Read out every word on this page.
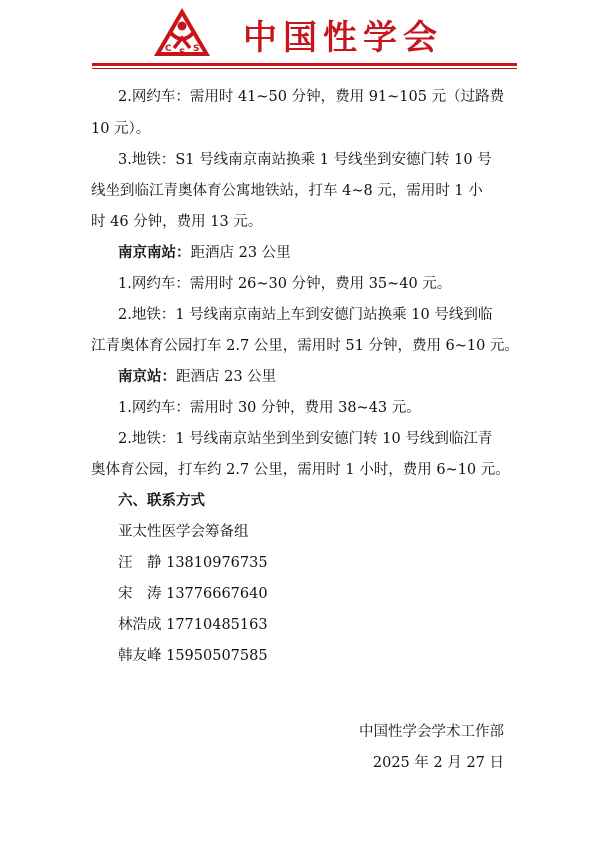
C S S 中国性学会
2.网约车：需用时 41~50 分钟，费用 91~105 元（过路费
10 元）。
3.地铁：S1 号线南京南站换乘 1 号线坐到安德门转 10 号
线坐到临江青奥体育公寓地铁站，打车 4~8 元，需用时 1 小
时 46 分钟，费用 13 元。
南京南站：距酒店 23 公里
1.网约车：需用时 26~30 分钟，费用 35~40 元。
2.地铁：1 号线南京南站上车到安德门站换乘 10 号线到临
江青奥体育公园打车 2.7 公里，需用时 51 分钟，费用 6~10 元。
南京站：距酒店 23 公里
1.网约车：需用时 30 分钟，费用 38~43 元。
2.地铁：1 号线南京站坐到坐到安德门转 10 号线到临江青
奥体育公园，打车约 2.7 公里，需用时 1 小时，费用 6~10 元。
六、联系方式
亚太性医学会筹备组
汪　静 13810976735
宋　涛 13776667640
林浩成 17710485163
韩友峰 15950507585
中国性学会学术工作部
2025 年 2 月 27 日
